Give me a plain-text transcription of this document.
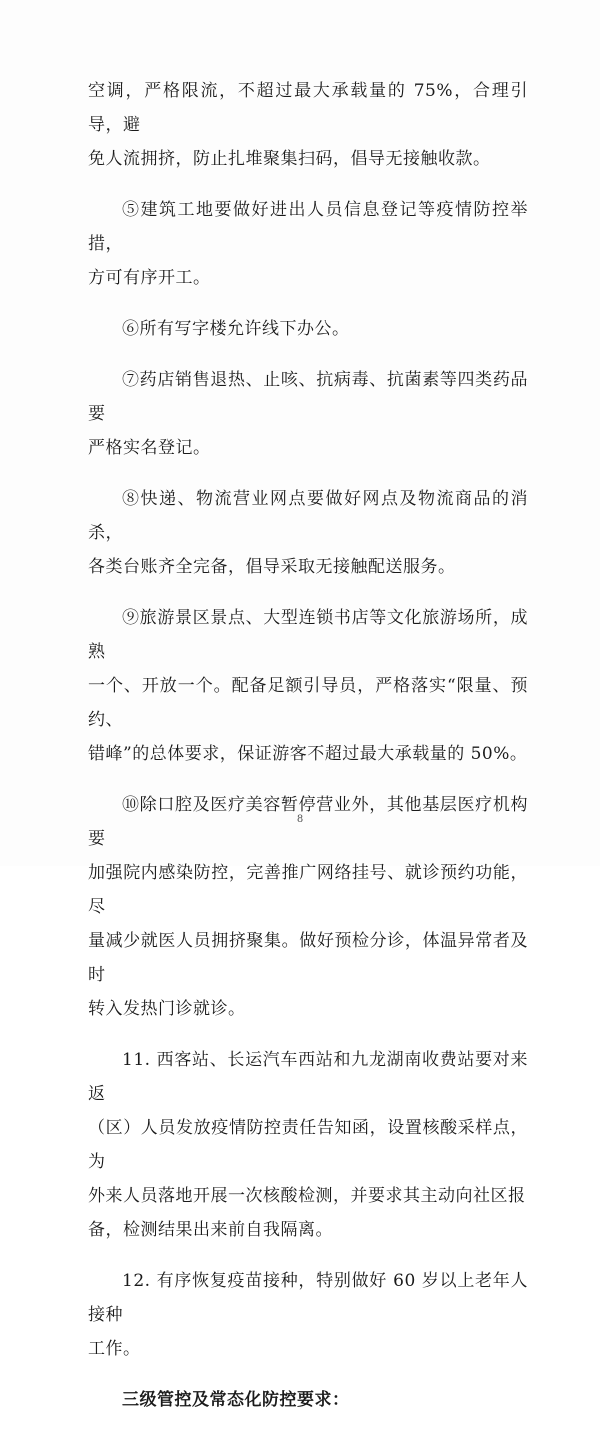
空调，严格限流，不超过最大承载量的 75%，合理引导，避
免人流拥挤，防止扎堆聚集扫码，倡导无接触收款。
⑤建筑工地要做好进出人员信息登记等疫情防控举措，
方可有序开工。
⑥所有写字楼允许线下办公。
⑦药店销售退热、止咳、抗病毒、抗菌素等四类药品要
严格实名登记。
⑧快递、物流营业网点要做好网点及物流商品的消杀，
各类台账齐全完备，倡导采取无接触配送服务。
⑨旅游景区景点、大型连锁书店等文化旅游场所，成熟
一个、开放一个。配备足额引导员，严格落实“限量、预约、
错峰”的总体要求，保证游客不超过最大承载量的 50%。
⑩除口腔及医疗美容暂停营业外，其他基层医疗机构要
加强院内感染防控，完善推广网络挂号、就诊预约功能，尽
量减少就医人员拥挤聚集。做好预检分诊，体温异常者及时
转入发热门诊就诊。
11. 西客站、长运汽车西站和九龙湖南收费站要对来返
（区）人员发放疫情防控责任告知函，设置核酸采样点，为
外来人员落地开展一次核酸检测，并要求其主动向社区报
备，检测结果出来前自我隔离。
12. 有序恢复疫苗接种，特别做好 60 岁以上老年人接种
工作。
三级管控及常态化防控要求：
8
